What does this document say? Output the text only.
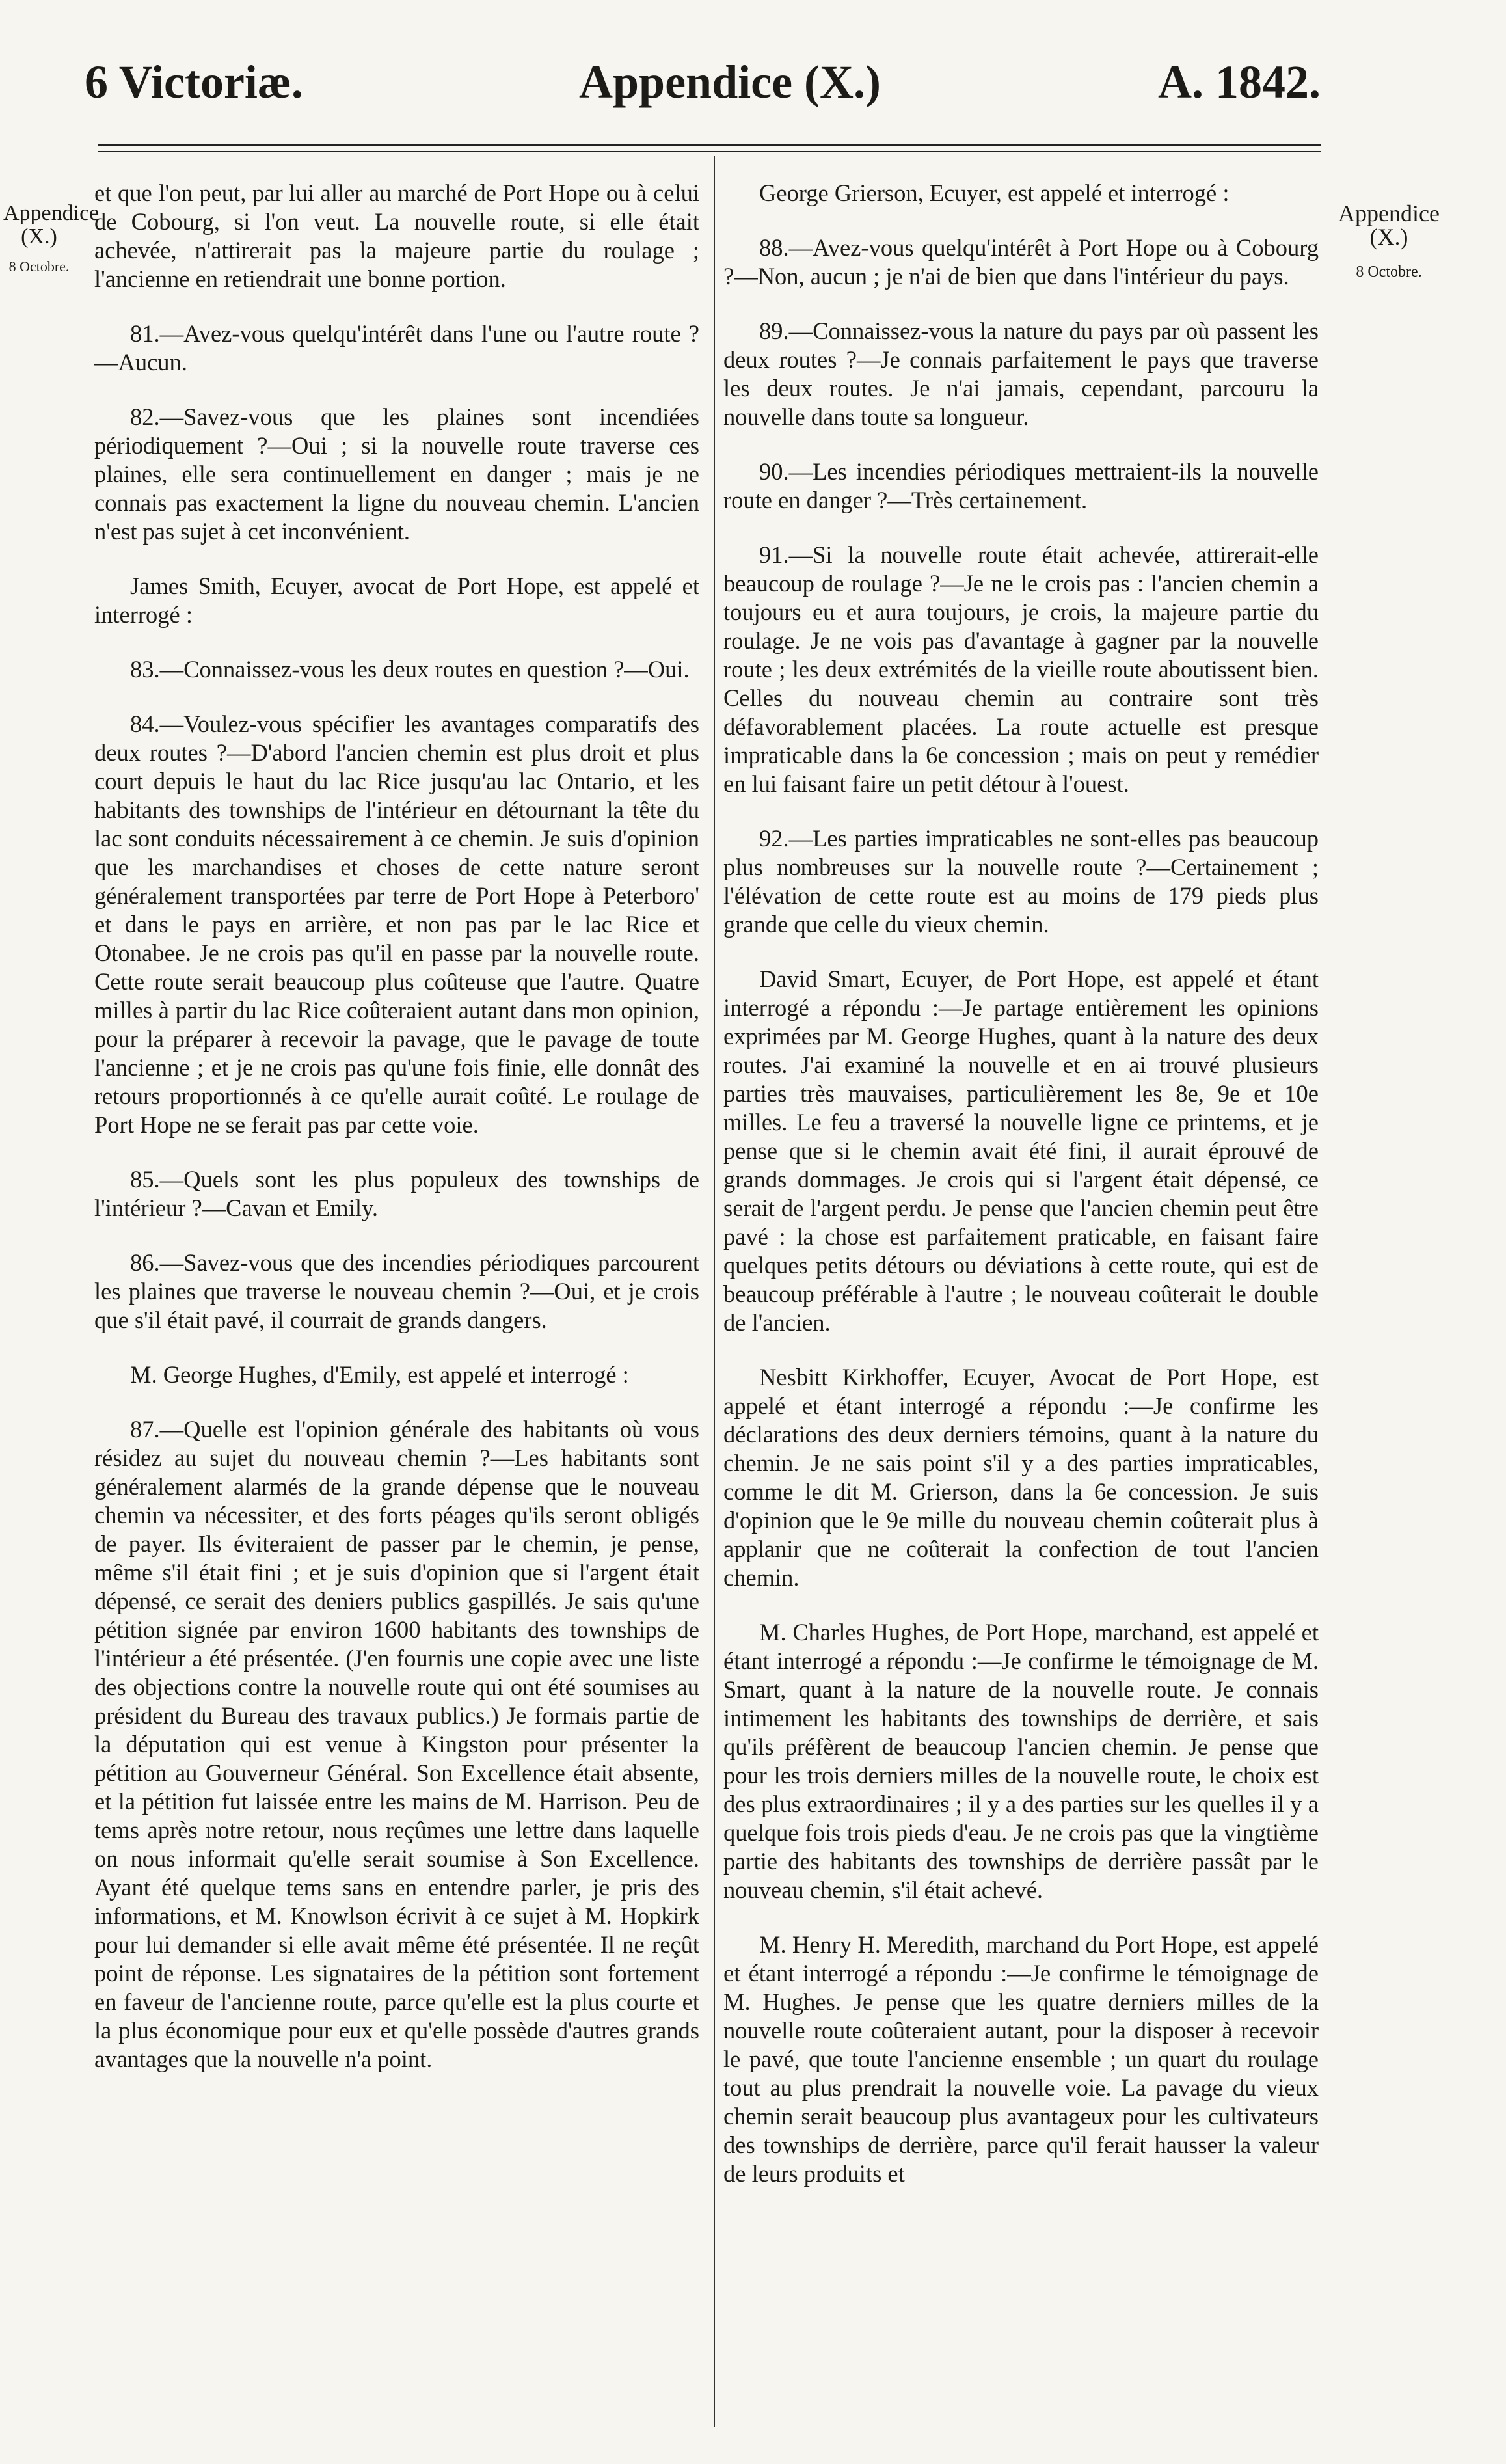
6 Victoriæ.	Appendice (X.)	A. 1842.
Appendice (X.)
8 Octobre.
Appendice (X.)
8 Octobre.

et que l'on peut, par lui aller au marché de Port Hope ou à celui de Cobourg, si l'on veut. La nouvelle route, si elle était achevée, n'attirerait pas la majeure partie du roulage ; l'ancienne en retiendrait une bonne portion.

81.—Avez-vous quelqu'intérêt dans l'une ou l'autre route ?—Aucun.

82.—Savez-vous que les plaines sont incendiées périodiquement ?—Oui ; si la nouvelle route traverse ces plaines, elle sera continuellement en danger ; mais je ne connais pas exactement la ligne du nouveau chemin. L'ancien n'est pas sujet à cet inconvénient.

James Smith, Ecuyer, avocat de Port Hope, est appelé et interrogé :

83.—Connaissez-vous les deux routes en question ?—Oui.

84.—Voulez-vous spécifier les avantages comparatifs des deux routes ?—D'abord l'ancien chemin est plus droit et plus court depuis le haut du lac Rice jusqu'au lac Ontario, et les habitants des townships de l'intérieur en détournant la tête du lac sont conduits nécessairement à ce chemin. Je suis d'opinion que les marchandises et choses de cette nature seront généralement transportées par terre de Port Hope à Peterboro' et dans le pays en arrière, et non pas par le lac Rice et Otonabee. Je ne crois pas qu'il en passe par la nouvelle route. Cette route serait beaucoup plus coûteuse que l'autre. Quatre milles à partir du lac Rice coûteraient autant dans mon opinion, pour la préparer à recevoir la pavage, que le pavage de toute l'ancienne ; et je ne crois pas qu'une fois finie, elle donnât des retours proportionnés à ce qu'elle aurait coûté. Le roulage de Port Hope ne se ferait pas par cette voie.

85.—Quels sont les plus populeux des townships de l'intérieur ?—Cavan et Emily.

86.—Savez-vous que des incendies périodiques parcourent les plaines que traverse le nouveau chemin ?—Oui, et je crois que s'il était pavé, il courrait de grands dangers.

M. George Hughes, d'Emily, est appelé et interrogé :

87.—Quelle est l'opinion générale des habitants où vous résidez au sujet du nouveau chemin ?—Les habitants sont généralement alarmés de la grande dépense que le nouveau chemin va nécessiter, et des forts péages qu'ils seront obligés de payer. Ils éviteraient de passer par le chemin, je pense, même s'il était fini ; et je suis d'opinion que si l'argent était dépensé, ce serait des deniers publics gaspillés. Je sais qu'une pétition signée par environ 1600 habitants des townships de l'intérieur a été présentée. (J'en fournis une copie avec une liste des objections contre la nouvelle route qui ont été soumises au président du Bureau des travaux publics.) Je formais partie de la députation qui est venue à Kingston pour présenter la pétition au Gouverneur Général. Son Excellence était absente, et la pétition fut laissée entre les mains de M. Harrison. Peu de tems après notre retour, nous reçûmes une lettre dans laquelle on nous informait qu'elle serait soumise à Son Excellence. Ayant été quelque tems sans en entendre parler, je pris des informations, et M. Knowlson écrivit à ce sujet à M. Hopkirk pour lui demander si elle avait même été présentée. Il ne reçût point de réponse. Les signataires de la pétition sont fortement en faveur de l'ancienne route, parce qu'elle est la plus courte et la plus économique pour eux et qu'elle possède d'autres grands avantages que la nouvelle n'a point.

George Grierson, Ecuyer, est appelé et interrogé :

88.—Avez-vous quelqu'intérêt à Port Hope ou à Cobourg ?—Non, aucun ; je n'ai de bien que dans l'intérieur du pays.

89.—Connaissez-vous la nature du pays par où passent les deux routes ?—Je connais parfaitement le pays que traverse les deux routes. Je n'ai jamais, cependant, parcouru la nouvelle dans toute sa longueur.

90.—Les incendies périodiques mettraient-ils la nouvelle route en danger ?—Très certainement.

91.—Si la nouvelle route était achevée, attirerait-elle beaucoup de roulage ?—Je ne le crois pas : l'ancien chemin a toujours eu et aura toujours, je crois, la majeure partie du roulage. Je ne vois pas d'avantage à gagner par la nouvelle route ; les deux extrémités de la vieille route aboutissent bien. Celles du nouveau chemin au contraire sont très défavorablement placées. La route actuelle est presque impraticable dans la 6e concession ; mais on peut y remédier en lui faisant faire un petit détour à l'ouest.

92.—Les parties impraticables ne sont-elles pas beaucoup plus nombreuses sur la nouvelle route ?—Certainement ; l'élévation de cette route est au moins de 179 pieds plus grande que celle du vieux chemin.

David Smart, Ecuyer, de Port Hope, est appelé et étant interrogé a répondu :—Je partage entièrement les opinions exprimées par M. George Hughes, quant à la nature des deux routes. J'ai examiné la nouvelle et en ai trouvé plusieurs parties très mauvaises, particulièrement les 8e, 9e et 10e milles. Le feu a traversé la nouvelle ligne ce printems, et je pense que si le chemin avait été fini, il aurait éprouvé de grands dommages. Je crois qui si l'argent était dépensé, ce serait de l'argent perdu. Je pense que l'ancien chemin peut être pavé : la chose est parfaitement praticable, en faisant faire quelques petits détours ou déviations à cette route, qui est de beaucoup préférable à l'autre ; le nouveau coûterait le double de l'ancien.

Nesbitt Kirkhoffer, Ecuyer, Avocat de Port Hope, est appelé et étant interrogé a répondu :—Je confirme les déclarations des deux derniers témoins, quant à la nature du chemin. Je ne sais point s'il y a des parties impraticables, comme le dit M. Grierson, dans la 6e concession. Je suis d'opinion que le 9e mille du nouveau chemin coûterait plus à applanir que ne coûterait la confection de tout l'ancien chemin.

M. Charles Hughes, de Port Hope, marchand, est appelé et étant interrogé a répondu :—Je confirme le témoignage de M. Smart, quant à la nature de la nouvelle route. Je connais intimement les habitants des townships de derrière, et sais qu'ils préfèrent de beaucoup l'ancien chemin. Je pense que pour les trois derniers milles de la nouvelle route, le choix est des plus extraordinaires ; il y a des parties sur les quelles il y a quelque fois trois pieds d'eau. Je ne crois pas que la vingtième partie des habitants des townships de derrière passât par le nouveau chemin, s'il était achevé.

M. Henry H. Meredith, marchand du Port Hope, est appelé et étant interrogé a répondu :—Je confirme le témoignage de M. Hughes. Je pense que les quatre derniers milles de la nouvelle route coûteraient autant, pour la disposer à recevoir le pavé, que toute l'ancienne ensemble ; un quart du roulage tout au plus prendrait la nouvelle voie. La pavage du vieux chemin serait beaucoup plus avantageux pour les cultivateurs des townships de derrière, parce qu'il ferait hausser la valeur de leurs produits et
